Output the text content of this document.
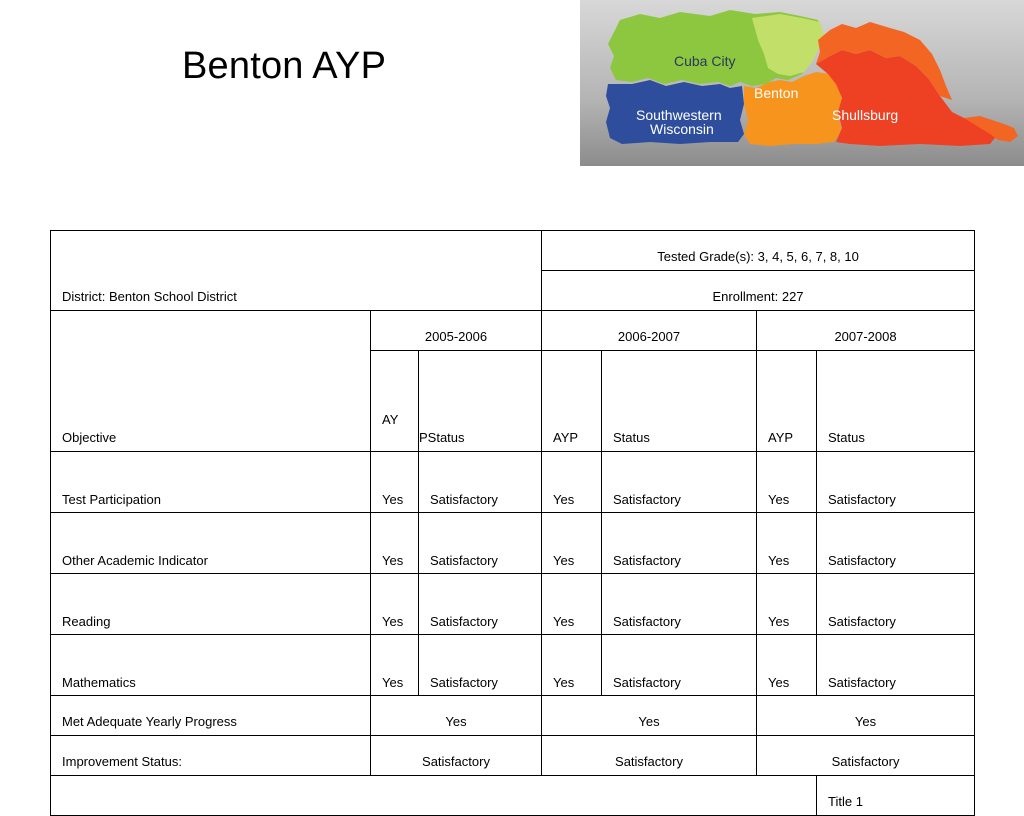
Benton AYP	Cuba City
Benton
Southwestern
Wisconsin
Shullsburg
District: Benton School District			Tested Grade(s): 3, 4, 5, 6, 7, 8, 10			
			Enrollment: 227			
Objective	2005-2006		2006-2007		2007-2008	
	AY	PStatus	AYP	Status	AYP	Status
Test Participation	Yes	Satisfactory	Yes	Satisfactory	Yes	Satisfactory
Other Academic Indicator	Yes	Satisfactory	Yes	Satisfactory	Yes	Satisfactory
Reading	Yes	Satisfactory	Yes	Satisfactory	Yes	Satisfactory
Mathematics	Yes	Satisfactory	Yes	Satisfactory	Yes	Satisfactory
Met Adequate Yearly Progress	Yes		Yes		Yes	
Improvement Status:	Satisfactory		Satisfactory		Satisfactory	
						Title 1
